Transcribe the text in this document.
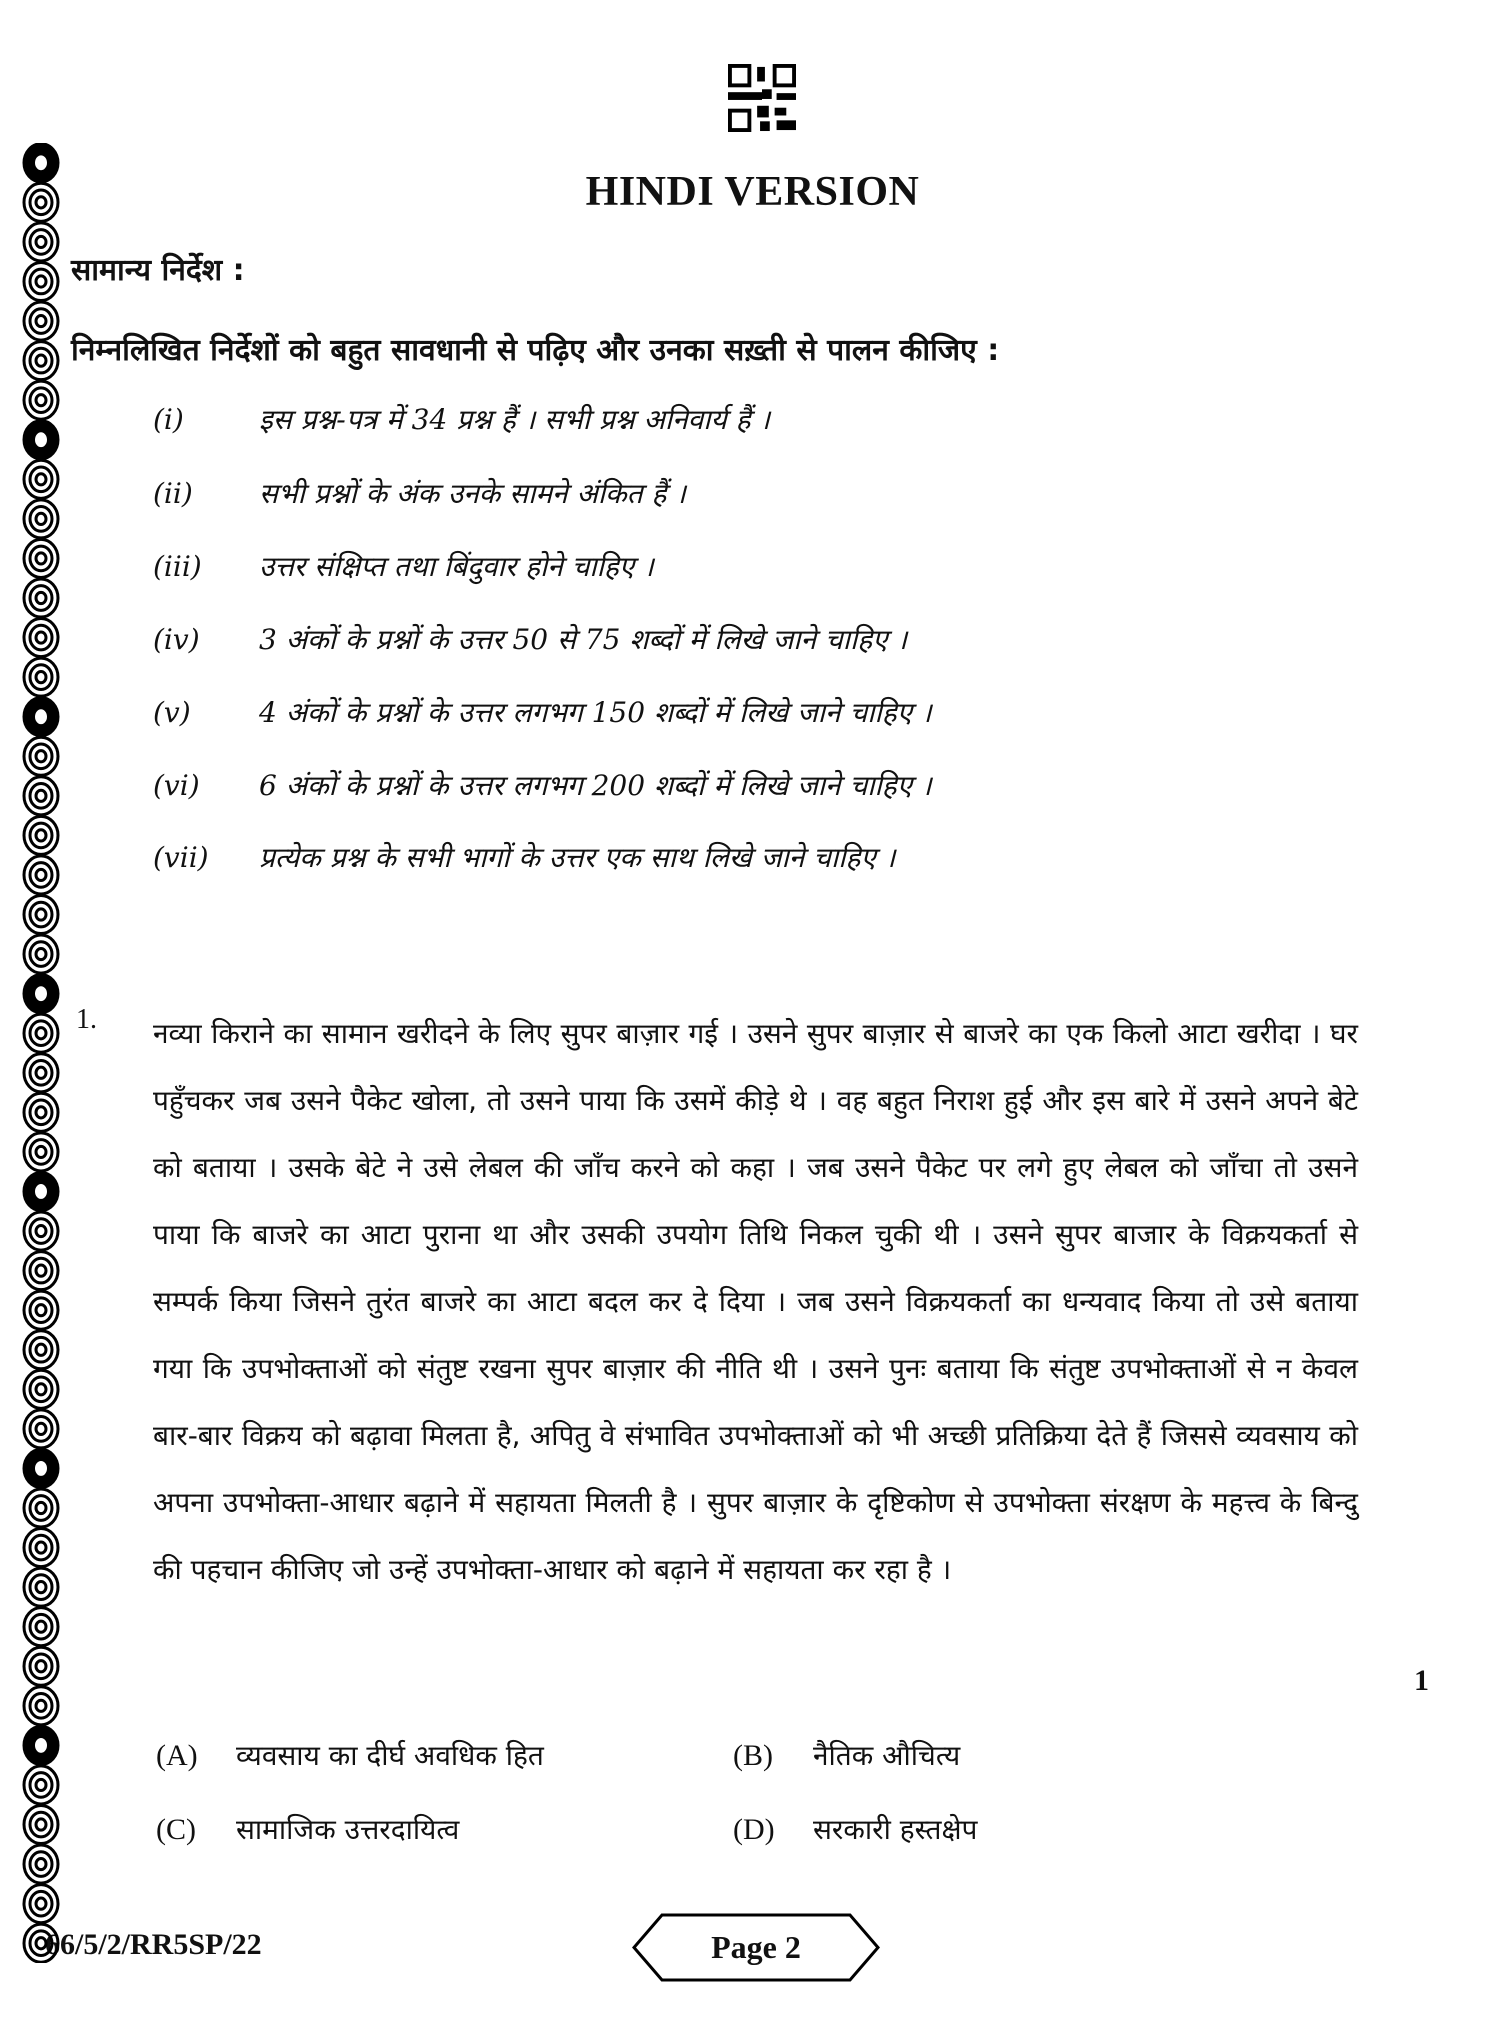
HINDI VERSION
सामान्य निर्देश :
निम्नलिखित निर्देशों को बहुत सावधानी से पढ़िए और उनका सख़्ती से पालन कीजिए :
(i)	इस प्रश्न-पत्र में 34 प्रश्न हैं । सभी प्रश्न अनिवार्य हैं ।
(ii) सभी प्रश्नों के अंक उनके सामने अंकित हैं ।
(iii) उत्तर संक्षिप्त तथा बिंदुवार होने चाहिए ।
(iv) 3 अंकों के प्रश्नों के उत्तर 50 से 75 शब्दों में लिखे जाने चाहिए ।
(v) 4 अंकों के प्रश्नों के उत्तर लगभग 150 शब्दों में लिखे जाने चाहिए ।
(vi) 6 अंकों के प्रश्नों के उत्तर लगभग 200 शब्दों में लिखे जाने चाहिए ।
(vii) प्रत्येक प्रश्न के सभी भागों के उत्तर एक साथ लिखे जाने चाहिए ।
1. नव्या किराने का सामान खरीदने के लिए सुपर बाज़ार गई । उसने सुपर बाज़ार से बाजरे का एक किलो आटा खरीदा । घर पहुँचकर जब उसने पैकेट खोला, तो उसने पाया कि उसमें कीड़े थे । वह बहुत निराश हुई और इस बारे में उसने अपने बेटे को बताया । उसके बेटे ने उसे लेबल की जाँच करने को कहा । जब उसने पैकेट पर लगे हुए लेबल को जाँचा तो उसने पाया कि बाजरे का आटा पुराना था और उसकी उपयोग तिथि निकल चुकी थी । उसने सुपर बाजार के विक्रयकर्ता से सम्पर्क किया जिसने तुरंत बाजरे का आटा बदल कर दे दिया । जब उसने विक्रयकर्ता का धन्यवाद किया तो उसे बताया गया कि उपभोक्ताओं को संतुष्ट रखना सुपर बाज़ार की नीति थी । उसने पुनः बताया कि संतुष्ट उपभोक्ताओं से न केवल बार-बार विक्रय को बढ़ावा मिलता है, अपितु वे संभावित उपभोक्ताओं को भी अच्छी प्रतिक्रिया देते हैं जिससे व्यवसाय को अपना उपभोक्ता-आधार बढ़ाने में सहायता मिलती है । सुपर बाज़ार के दृष्टिकोण से उपभोक्ता संरक्षण के महत्त्व के बिन्दु की पहचान कीजिए जो उन्हें उपभोक्ता-आधार को बढ़ाने में सहायता कर रहा है ।
1
(A) व्यवसाय का दीर्घ अवधिक हित	(B) नैतिक औचित्य
(C) सामाजिक उत्तरदायित्व	(D) सरकारी हस्तक्षेप
66/5/2/RR5SP/22	Page 2
